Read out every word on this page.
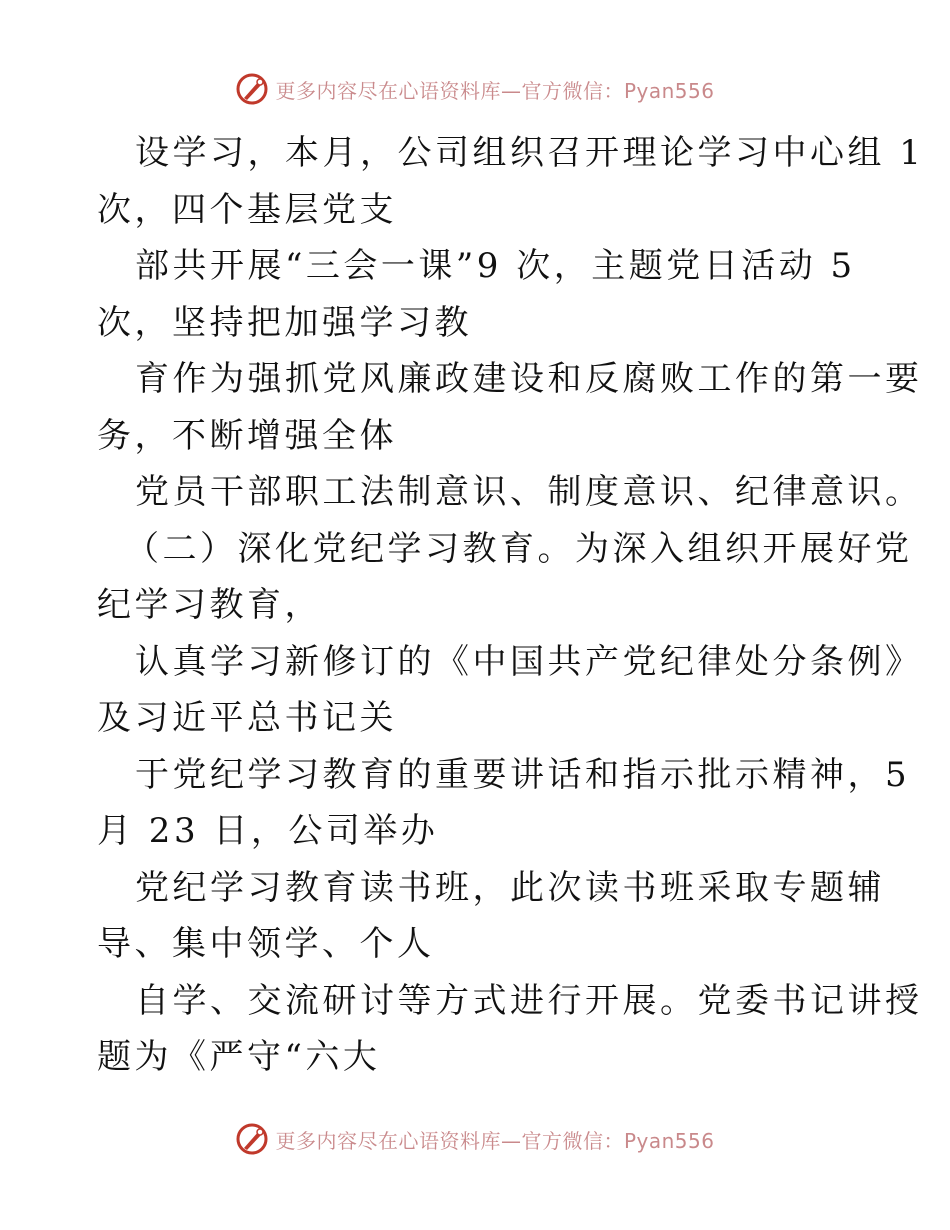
更多内容尽在心语资料库—官方微信：Pyan556
设学习，本月，公司组织召开理论学习中心组 1
次，四个基层党支
部共开展“三会一课”9 次，主题党日活动 5
次，坚持把加强学习教
育作为强抓党风廉政建设和反腐败工作的第一要
务，不断增强全体
党员干部职工法制意识、制度意识、纪律意识。
（二）深化党纪学习教育。为深入组织开展好党
纪学习教育，
认真学习新修订的《中国共产党纪律处分条例》
及习近平总书记关
于党纪学习教育的重要讲话和指示批示精神，5
月 23 日，公司举办
党纪学习教育读书班，此次读书班采取专题辅
导、集中领学、个人
自学、交流研讨等方式进行开展。党委书记讲授
题为《严守“六大
更多内容尽在心语资料库—官方微信：Pyan556
